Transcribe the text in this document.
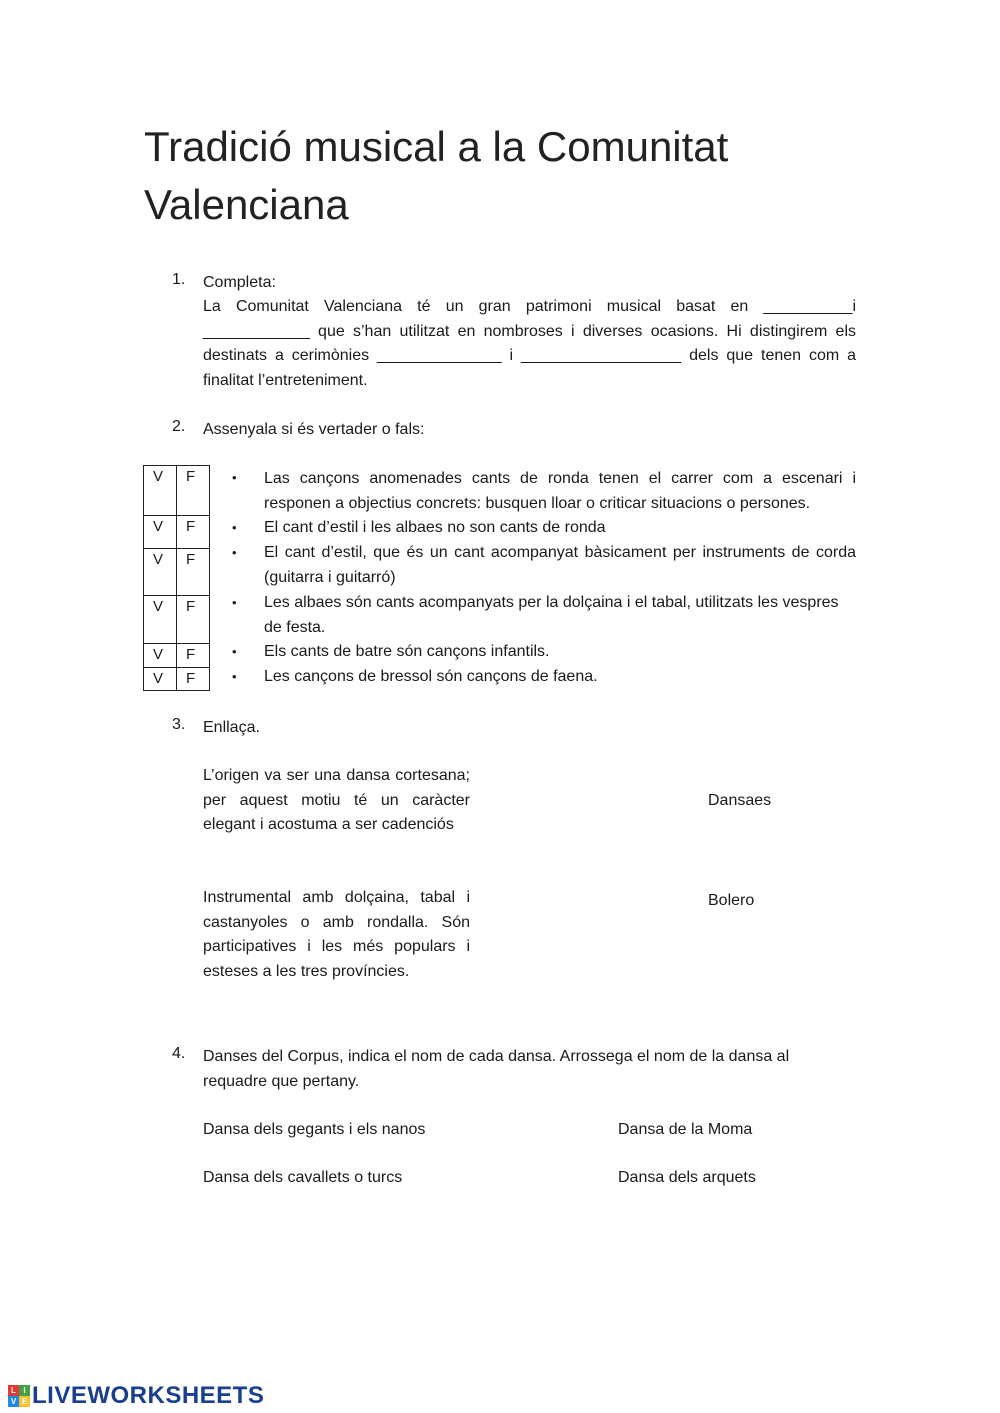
Tradició musical a la Comunitat Valenciana
1. Completa:
La Comunitat Valenciana té un gran patrimoni musical basat en __________i ____________ que s’han utilitzat en nombroses i diverses ocasions. Hi distingirem els destinats a cerimònies ______________ i __________________ dels que tenen com a finalitat l’entreteniment.
2. Assenyala si és vertader o fals:
V	F
V	F
V	F
V	F
V	F
V	F
• Las cançons anomenades cants de ronda tenen el carrer com a escenari i responen a objectius concrets: busquen lloar o criticar situacions o persones.
• El cant d’estil i les albaes no son cants de ronda
• El cant d’estil, que és un cant acompanyat bàsicament per instruments de corda (guitarra i guitarró)
• Les albaes són cants acompanyats per la dolçaina i el tabal, utilitzats les vespres de festa.
• Els cants de batre són cançons infantils.
• Les cançons de bressol són cançons de faena.
3. Enllaça.
L’origen va ser una dansa cortesana; per aquest motiu té un caràcter elegant i acostuma a ser cadenciós
Instrumental amb dolçaina, tabal i castanyoles o amb rondalla. Són participatives i les més populars i esteses a les tres províncies.
Dansaes
Bolero
4. Danses del Corpus, indica el nom de cada dansa. Arrossega el nom de la dansa al requadre que pertany.
Dansa dels gegants i els nanos	Dansa de la Moma
Dansa dels cavallets o turcs	Dansa dels arquets
L I
V E LIVEWORKSHEETS
